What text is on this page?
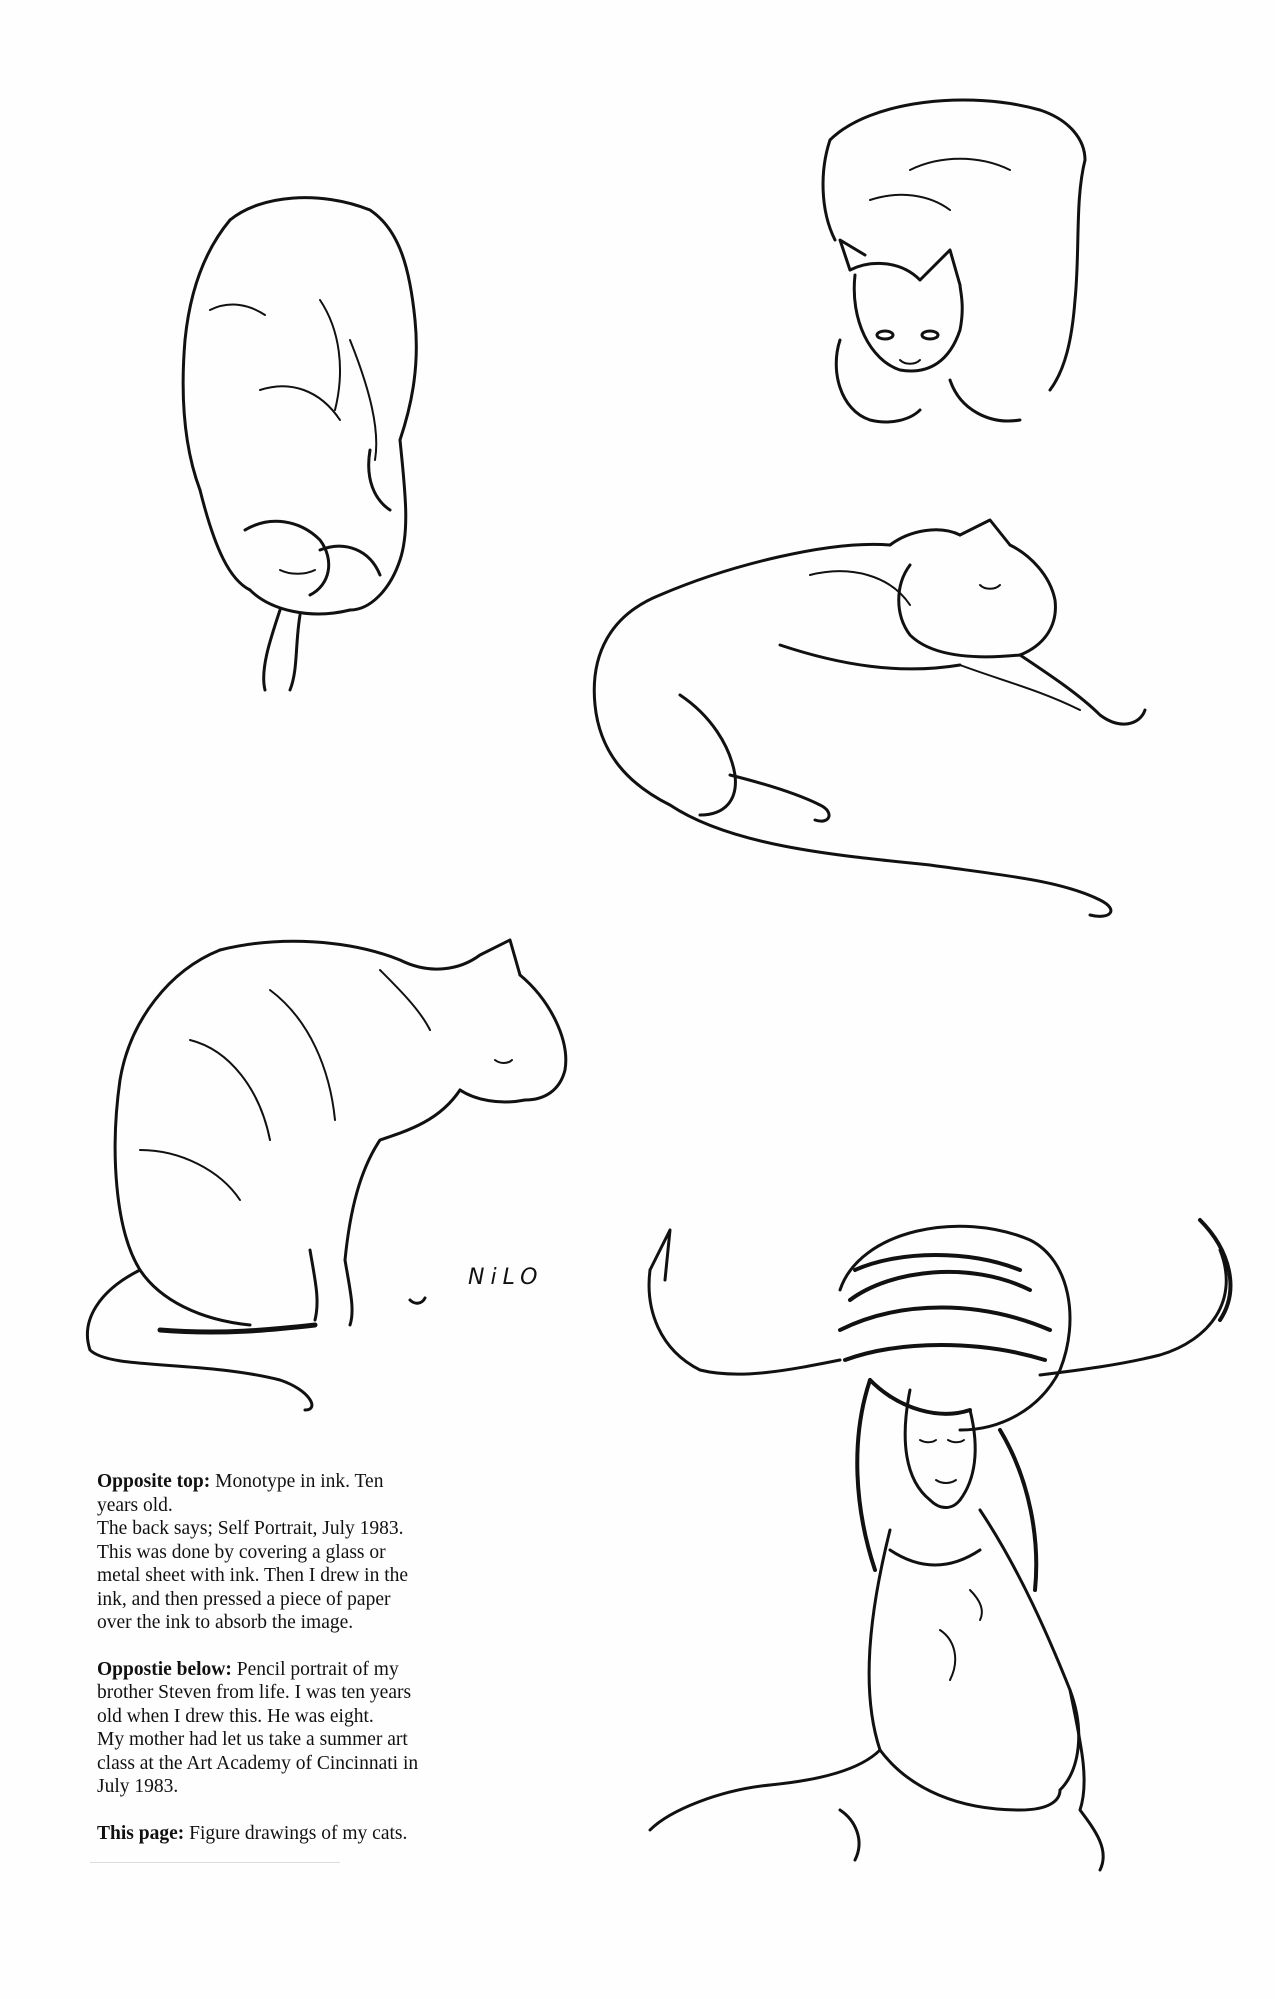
NiLO

Opposite top: Monotype in ink. Ten years old.
The back says; Self Portrait, July 1983.
This was done by covering a glass or metal sheet with ink. Then I drew in the ink, and then pressed a piece of paper over the ink to absorb the image.

Oppostie below: Pencil portrait of my brother Steven from life. I was ten years old when I drew this. He was eight.
My mother had let us take a summer art class at the Art Academy of Cincinnati in July 1983.

This page: Figure drawings of my cats.
